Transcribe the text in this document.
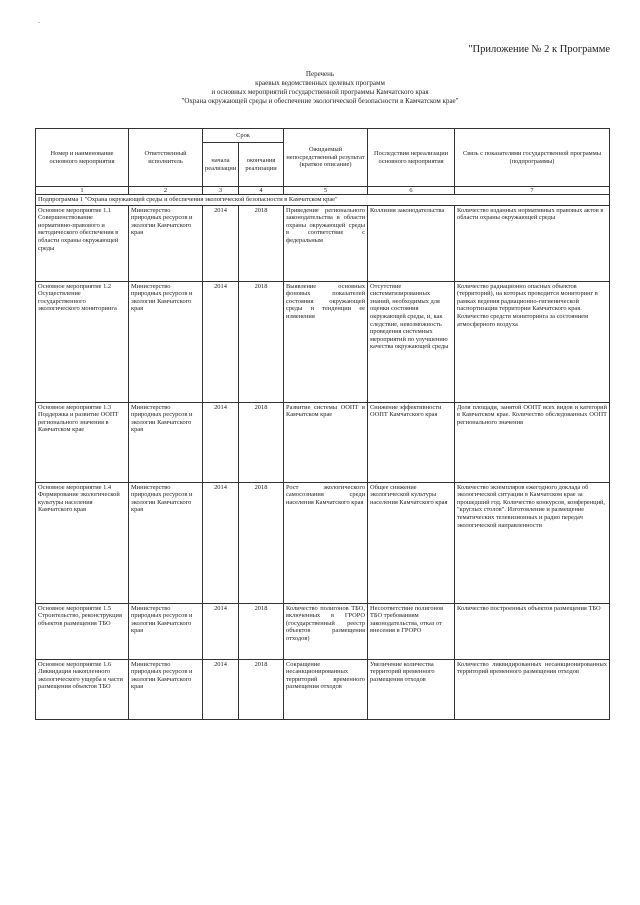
-
"Приложение № 2 к Программе
Перечень
краевых ведомственных целевых программ
и основных мероприятий государственной программы Камчатского края
"Охрана окружающей среды и обеспечение экологической безопасности в Камчатском крае"
Номер и наименование основного мероприятия	Ответственный исполнитель	Срок		Ожидаемый непосредственный результат (краткое описание)	Последствия нереализации основного мероприятия	Связь с показателями государственной программы (подпрограммы)
		начала реализации	окончания реализации			
1	2	3	4	5	6	7
Подпрограмма 1 "Охрана окружающей среды и обеспечения экологической безопасности в Камчатском крае"						
Основное мероприятие 1.1 Совершенствование нормативно-правового и методического обеспечения в области охраны окружающей среды	Министерство природных ресурсов и экологии Камчатского края	2014	2018	Приведение регионального законодательства в области охраны окружающей среды в соответствие с федеральным	Коллизия законодательства	Количество изданных нормативных правовых актов в области охраны окружающей среды
Основное мероприятие 1.2 Осуществление государственного экологического мониторинга	Министерство природных ресурсов и экологии Камчатского края	2014	2018	Выявление основных фоновых показателей состояния окружающей среды и тенденции ее изменения	Отсутствие систематизированных знаний, необходимых для оценки состояния окружающей среды, и, как следствие, невозможность проведения системных мероприятий по улучшению качества окружающей среды	Количество радиационно опасных объектов (территорий), на которых проводится мониторинг в рамках ведения радиационно-гигиенической паспортизации территории Камчатского края. Количество средств мониторинга за состоянием атмосферного воздуха
Основное мероприятие 1.3 Поддержка и развитие ООПТ регионального значения в Камчатском крае	Министерство природных ресурсов и экологии Камчатского края	2014	2018	Развитие системы ООПТ в Камчатском крае	Снижение эффективности ООПТ Камчатского края	Доля площади, занятой ООПТ всех видов и категорий в Камчатском крае. Количество обследованных ООПТ регионального значения
Основное мероприятие 1.4 Формирование экологической культуры населения Камчатского края	Министерство природных ресурсов и экологии Камчатского края	2014	2018	Рост экологического самосознания среди населения Камчатского края	Общее снижение экологической культуры населения Камчатского края	Количество экземпляров ежегодного доклада об экологической ситуации в Камчатском крае за прошедший год. Количество конкурсов, конференций, "круглых столов". Изготовление и размещение тематических телевизионных и радио передач экологической направленности
Основное мероприятие 1.5 Строительство, реконструкция объектов размещения ТБО	Министерство природных ресурсов и экологии Камчатского края	2014	2018	Количество полигонов ТБО, включенных в ГРОРО (государственный реестр объектов размещения отходов)	Несоответствие полигонов ТБО требованиям законодательства, отказ от внесения в ГРОРО	Количество построенных объектов размещения ТБО
Основное мероприятие 1.6 Ликвидация накопленного экологического ущерба в части размещения объектов ТБО	Министерство природных ресурсов и экологии Камчатского края	2014	2018	Сокращение несанкционированных территорий временного размещения отходов	Увеличение количества территорий временного размещения отходов	Количество ликвидированных несанкционированных территорий временного размещения отходов
